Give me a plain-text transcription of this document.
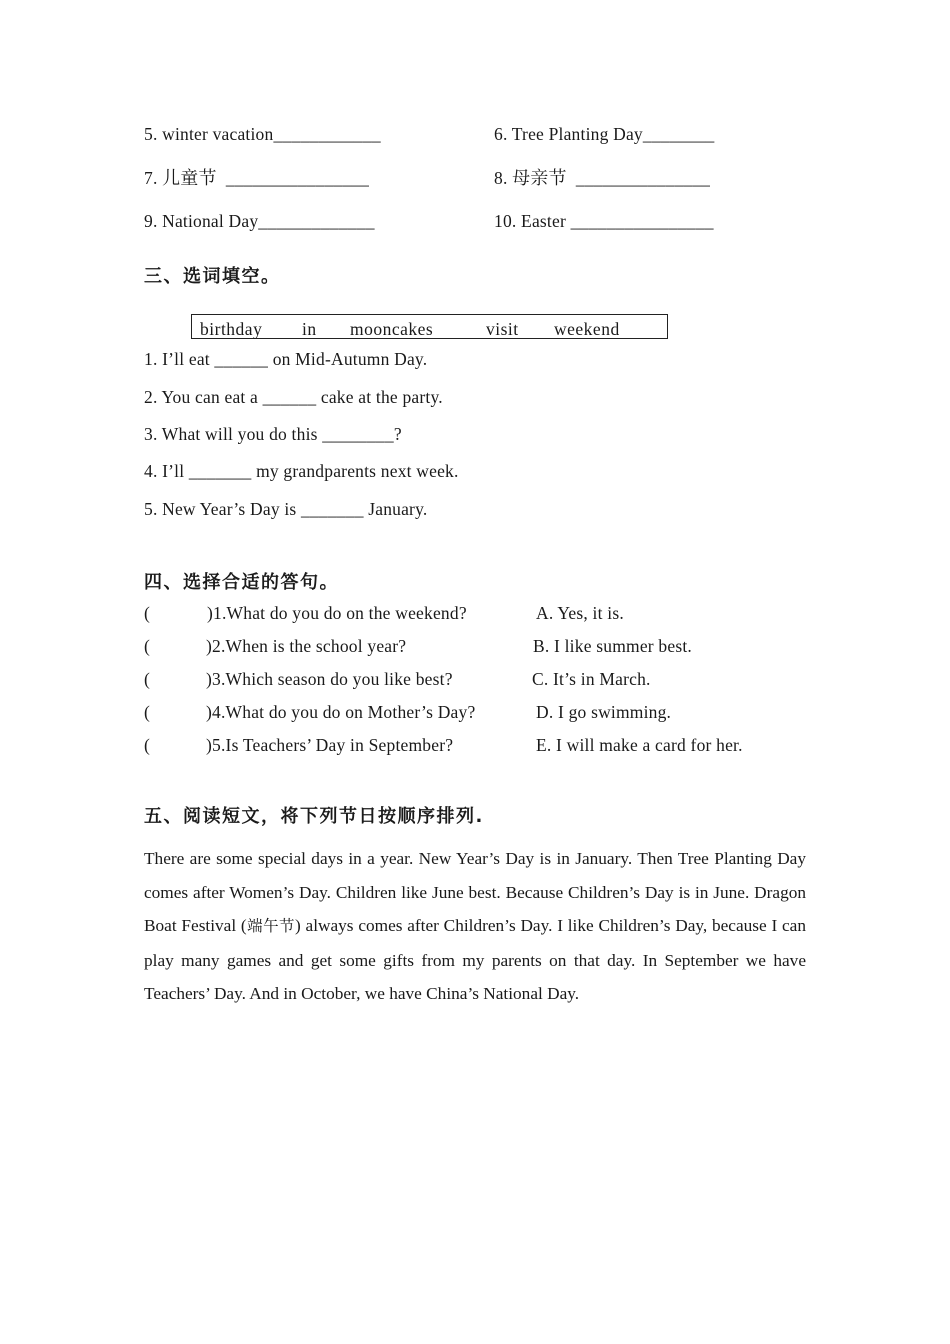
5. winter vacation____________	6. Tree Planting Day________
7. 儿童节 ________________	8. 母亲节 _______________
9. National Day_____________	10. Easter ________________
三、选词填空。
birthday in mooncakes	visit weekend
1. I’ll eat ______ on Mid-Autumn Day.
2. You can eat a ______ cake at the party.
3. What will you do this ________?
4. I’ll _______ my grandparents next week.
5. New Year’s Day is _______ January.
四、选择合适的答句。
(	)1.What do you do on the weekend?	A. Yes, it is.
(	)2.When is the school year?	B. I like summer best.
(	)3.Which season do you like best?	C. It’s in March.
(	)4.What do you do on Mother’s Day?	D. I go swimming.
(	)5.Is Teachers’ Day in September?	E. I will make a card for her.
五、阅读短文，将下列节日按顺序排列.
There are some special days in a year. New Year’s Day is in January. Then Tree Planting Day comes after Women’s Day. Children like June best. Because Children’s Day is in June. Dragon Boat Festival (端午节) always comes after Children’s Day. I like Children’s Day, because I can play many games and get some gifts from my parents on that day. In September we have Teachers’ Day. And in October, we have China’s National Day.
